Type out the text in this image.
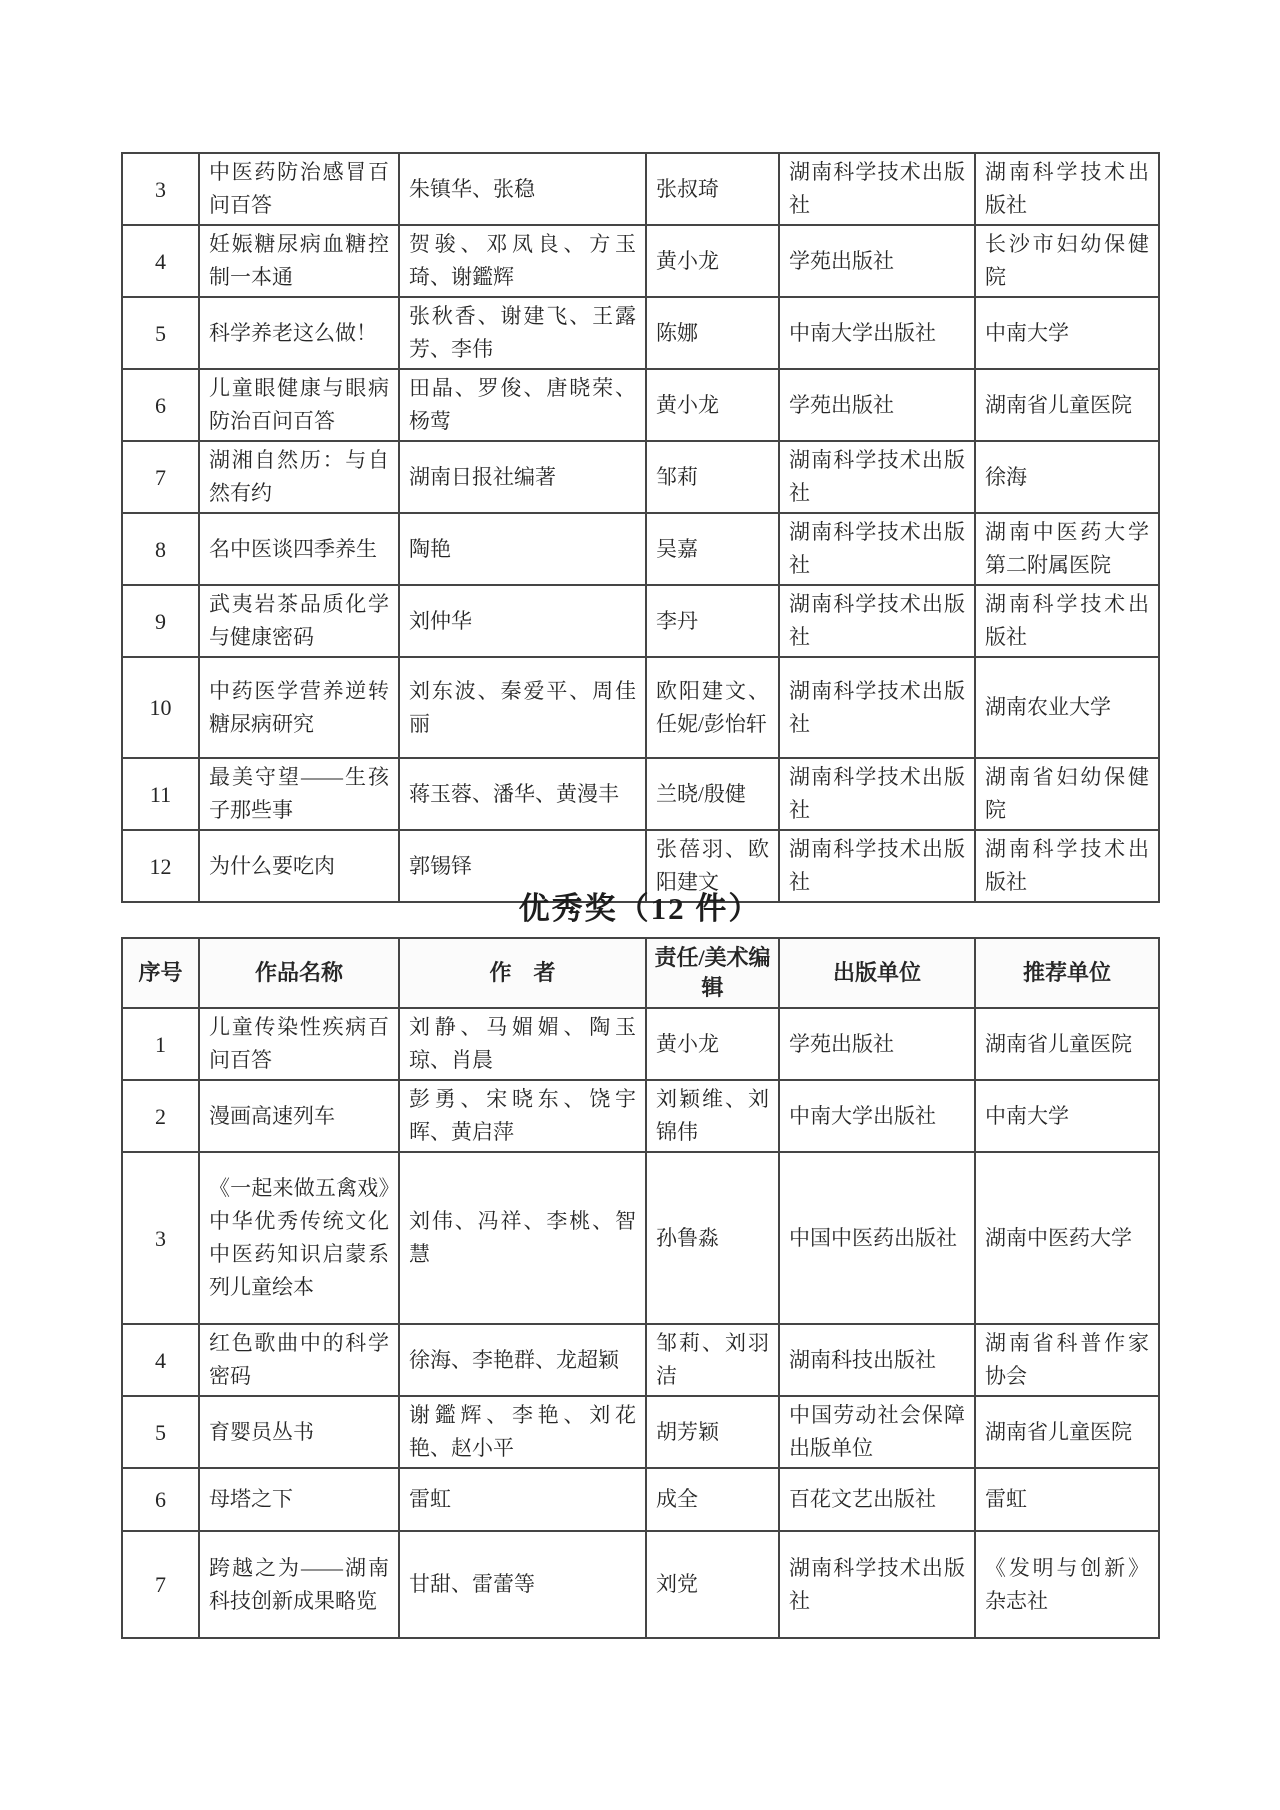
3	中医药防治感冒百问百答	朱镇华、张稳	张叔琦	湖南科学技术出版社	湖南科学技术出版社
4	妊娠糖尿病血糖控制一本通	贺骏、邓凤良、方玉琦、谢鑑辉	黄小龙	学苑出版社	长沙市妇幼保健院
5	科学养老这么做！	张秋香、谢建飞、王露芳、李伟	陈娜	中南大学出版社	中南大学
6	儿童眼健康与眼病防治百问百答	田晶、罗俊、唐晓荣、杨莺	黄小龙	学苑出版社	湖南省儿童医院
7	湖湘自然历：与自然有约	湖南日报社编著	邹莉	湖南科学技术出版社	徐海
8	名中医谈四季养生	陶艳	吴嘉	湖南科学技术出版社	湖南中医药大学第二附属医院
9	武夷岩茶品质化学与健康密码	刘仲华	李丹	湖南科学技术出版社	湖南科学技术出版社
10	中药医学营养逆转糖尿病研究	刘东波、秦爱平、周佳丽	欧阳建文、任妮/彭怡轩	湖南科学技术出版社	湖南农业大学
11	最美守望——生孩子那些事	蒋玉蓉、潘华、黄漫丰	兰晓/殷健	湖南科学技术出版社	湖南省妇幼保健院
12	为什么要吃肉	郭锡铎	张蓓羽、欧阳建文	湖南科学技术出版社	湖南科学技术出版社
优秀奖（12 件）
序号	作品名称	作　者	责任/美术编辑	出版单位	推荐单位
1	儿童传染性疾病百问百答	刘静、马媚媚、陶玉琼、肖晨	黄小龙	学苑出版社	湖南省儿童医院
2	漫画高速列车	彭勇、宋晓东、饶宇晖、黄启萍	刘颖维、刘锦伟	中南大学出版社	中南大学
3	《一起来做五禽戏》中华优秀传统文化中医药知识启蒙系列儿童绘本	刘伟、冯祥、李桃、智慧	孙鲁淼	中国中医药出版社	湖南中医药大学
4	红色歌曲中的科学密码	徐海、李艳群、龙超颖	邹莉、刘羽洁	湖南科技出版社	湖南省科普作家协会
5	育婴员丛书	谢鑑辉、李艳、刘花艳、赵小平	胡芳颖	中国劳动社会保障出版单位	湖南省儿童医院
6	母塔之下	雷虹	成全	百花文艺出版社	雷虹
7	跨越之为——湖南科技创新成果略览	甘甜、雷蕾等	刘党	湖南科学技术出版社	《发明与创新》杂志社
